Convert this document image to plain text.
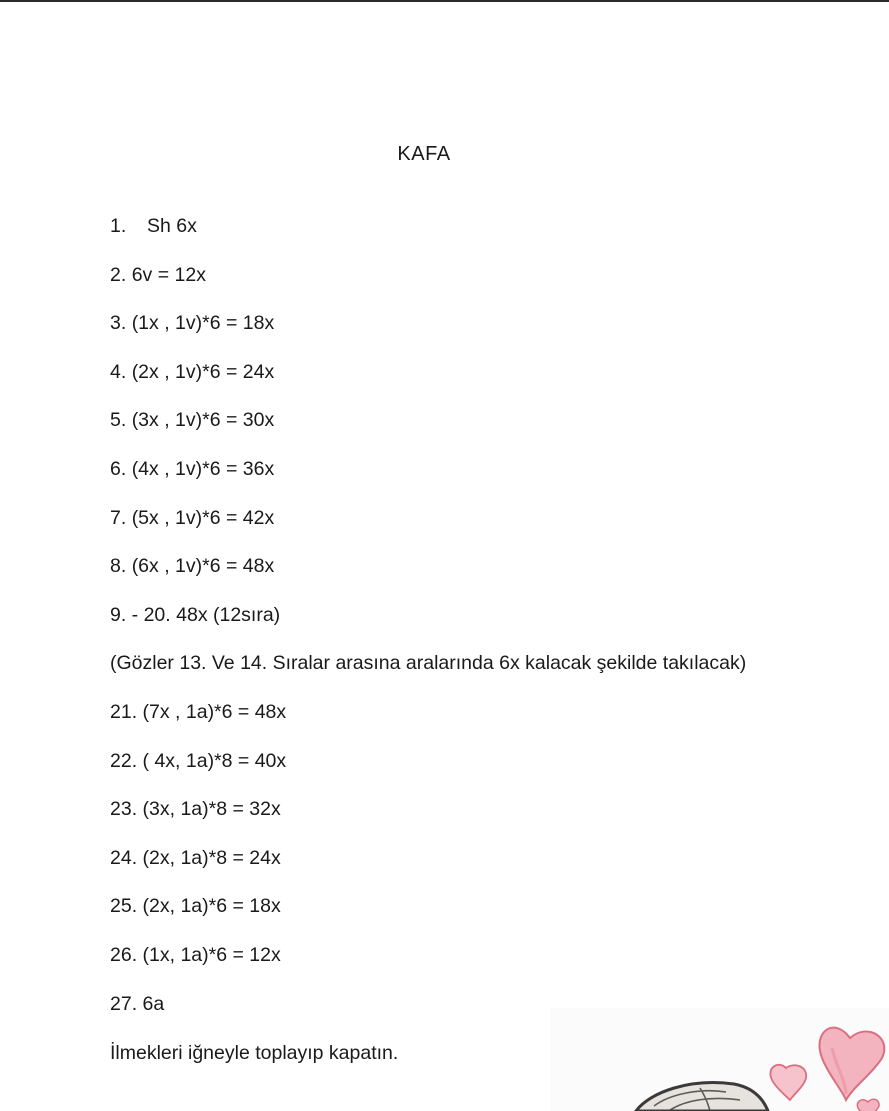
KAFA
1. Sh 6x
2. 6v = 12x
3. (1x , 1v)*6 = 18x
4. (2x , 1v)*6 = 24x
5. (3x , 1v)*6 = 30x
6. (4x , 1v)*6 = 36x
7. (5x , 1v)*6 = 42x
8. (6x , 1v)*6 = 48x
9. - 20. 48x (12sıra)
(Gözler 13. Ve 14. Sıralar arasına aralarında 6x kalacak şekilde takılacak)
21. (7x , 1a)*6 = 48x
22. ( 4x, 1a)*8 = 40x
23. (3x, 1a)*8 = 32x
24. (2x, 1a)*8 = 24x
25. (2x, 1a)*6 = 18x
26. (1x, 1a)*6 = 12x
27. 6a
İlmekleri iğneyle toplayıp kapatın.
